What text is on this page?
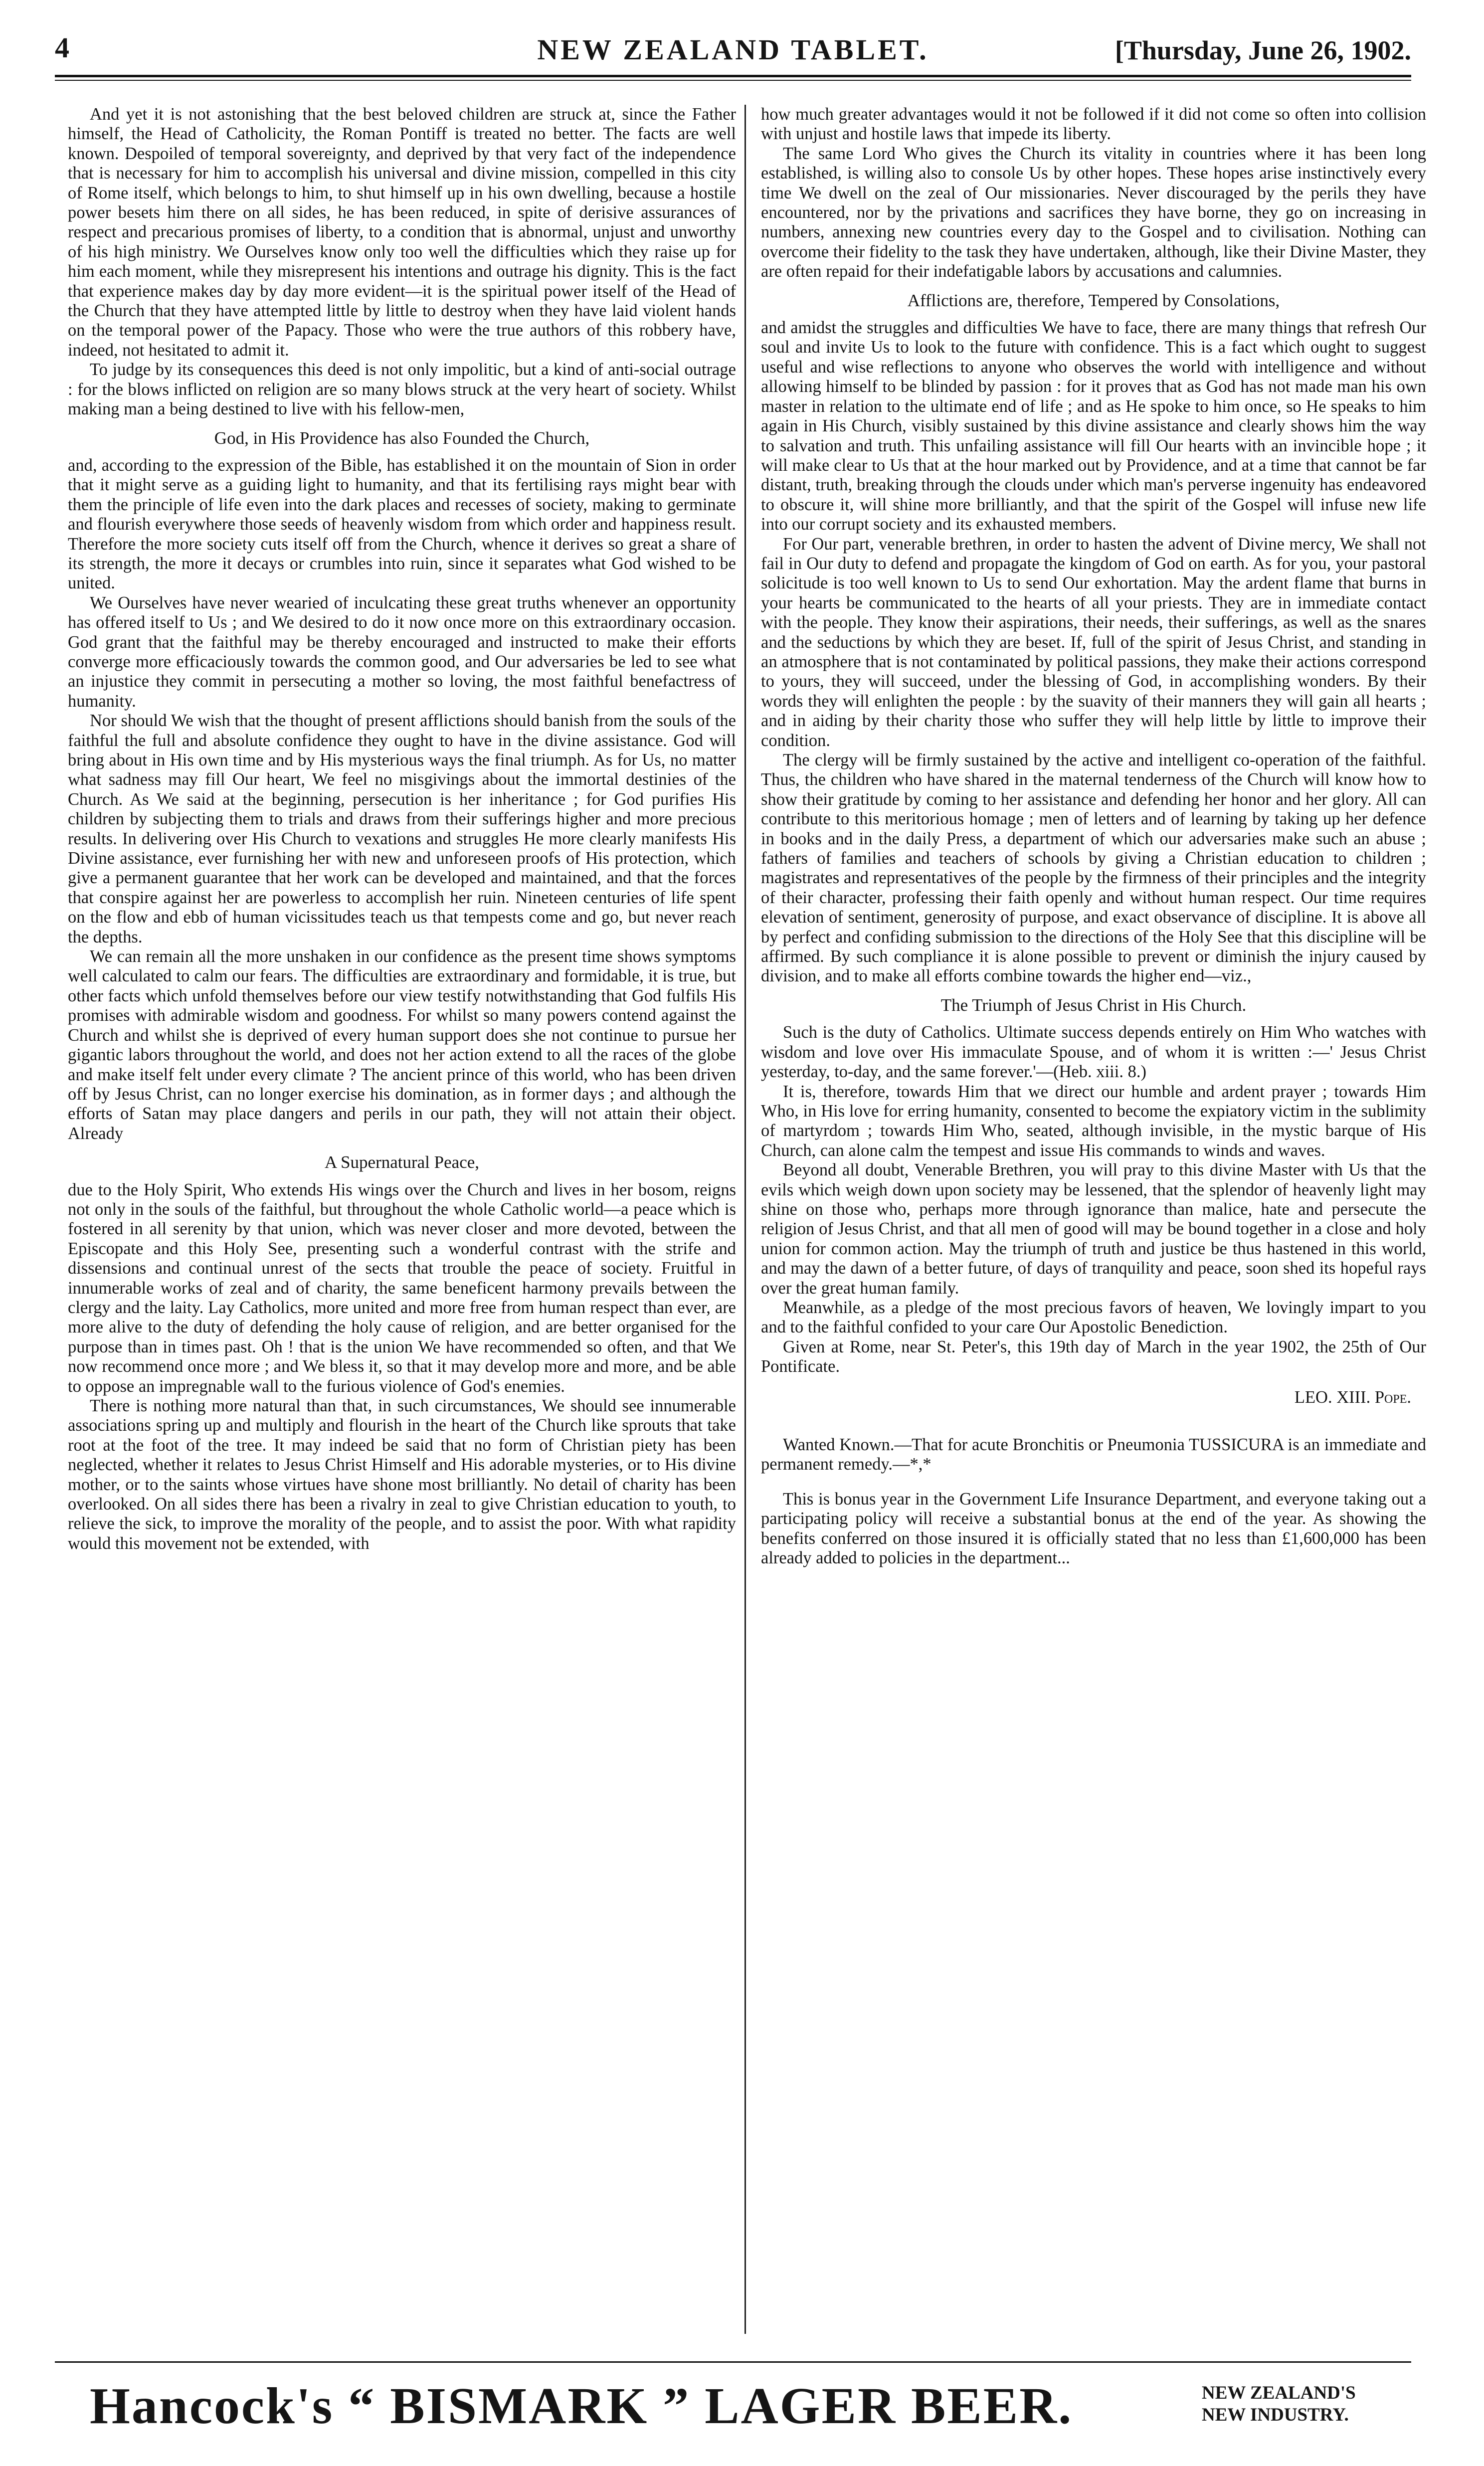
4	NEW ZEALAND TABLET.	[Thursday, June 26, 1902.

And yet it is not astonishing that the best beloved children are struck at, since the Father himself, the Head of Catholicity, the Roman Pontiff is treated no better. The facts are well known. Despoiled of temporal sovereignty, and deprived by that very fact of the independence that is necessary for him to accomplish his universal and divine mission, compelled in this city of Rome itself, which belongs to him, to shut himself up in his own dwelling, because a hostile power besets him there on all sides, he has been reduced, in spite of derisive assurances of respect and precarious promises of liberty, to a condition that is abnormal, unjust and unworthy of his high ministry. We Ourselves know only too well the difficulties which they raise up for him each moment, while they misrepresent his intentions and outrage his dignity. This is the fact that experience makes day by day more evident—it is the spiritual power itself of the Head of the Church that they have attempted little by little to destroy when they have laid violent hands on the temporal power of the Papacy. Those who were the true authors of this robbery have, indeed, not hesitated to admit it.

To judge by its consequences this deed is not only impolitic, but a kind of anti-social outrage : for the blows inflicted on religion are so many blows struck at the very heart of society. Whilst making man a being destined to live with his fellow-men,

God, in His Providence has also Founded the Church,

and, according to the expression of the Bible, has established it on the mountain of Sion in order that it might serve as a guiding light to humanity, and that its fertilising rays might bear with them the principle of life even into the dark places and recesses of society, making to germinate and flourish everywhere those seeds of heavenly wisdom from which order and happiness result. Therefore the more society cuts itself off from the Church, whence it derives so great a share of its strength, the more it decays or crumbles into ruin, since it separates what God wished to be united.

We Ourselves have never wearied of inculcating these great truths whenever an opportunity has offered itself to Us ; and We desired to do it now once more on this extraordinary occasion. God grant that the faithful may be thereby encouraged and instructed to make their efforts converge more efficaciously towards the common good, and Our adversaries be led to see what an injustice they commit in persecuting a mother so loving, the most faithful benefactress of humanity.

Nor should We wish that the thought of present afflictions should banish from the souls of the faithful the full and absolute confidence they ought to have in the divine assistance. God will bring about in His own time and by His mysterious ways the final triumph. As for Us, no matter what sadness may fill Our heart, We feel no misgivings about the immortal destinies of the Church. As We said at the beginning, persecution is her inheritance ; for God purifies His children by subjecting them to trials and draws from their sufferings higher and more precious results. In delivering over His Church to vexations and struggles He more clearly manifests His Divine assistance, ever furnishing her with new and unforeseen proofs of His protection, which give a permanent guarantee that her work can be developed and maintained, and that the forces that conspire against her are powerless to accomplish her ruin. Nineteen centuries of life spent on the flow and ebb of human vicissitudes teach us that tempests come and go, but never reach the depths.

We can remain all the more unshaken in our confidence as the present time shows symptoms well calculated to calm our fears. The difficulties are extraordinary and formidable, it is true, but other facts which unfold themselves before our view testify notwithstanding that God fulfils His promises with admirable wisdom and goodness. For whilst so many powers contend against the Church and whilst she is deprived of every human support does she not continue to pursue her gigantic labors throughout the world, and does not her action extend to all the races of the globe and make itself felt under every climate ? The ancient prince of this world, who has been driven off by Jesus Christ, can no longer exercise his domination, as in former days ; and although the efforts of Satan may place dangers and perils in our path, they will not attain their object. Already

A Supernatural Peace,

due to the Holy Spirit, Who extends His wings over the Church and lives in her bosom, reigns not only in the souls of the faithful, but throughout the whole Catholic world—a peace which is fostered in all serenity by that union, which was never closer and more devoted, between the Episcopate and this Holy See, presenting such a wonderful contrast with the strife and dissensions and continual unrest of the sects that trouble the peace of society. Fruitful in innumerable works of zeal and of charity, the same beneficent harmony prevails between the clergy and the laity. Lay Catholics, more united and more free from human respect than ever, are more alive to the duty of defending the holy cause of religion, and are better organised for the purpose than in times past. Oh ! that is the union We have recommended so often, and that We now recommend once more ; and We bless it, so that it may develop more and more, and be able to oppose an impregnable wall to the furious violence of God's enemies.

There is nothing more natural than that, in such circumstances, We should see innumerable associations spring up and multiply and flourish in the heart of the Church like sprouts that take root at the foot of the tree. It may indeed be said that no form of Christian piety has been neglected, whether it relates to Jesus Christ Himself and His adorable mysteries, or to His divine mother, or to the saints whose virtues have shone most brilliantly. No detail of charity has been overlooked. On all sides there has been a rivalry in zeal to give Christian education to youth, to relieve the sick, to improve the morality of the people, and to assist the poor. With what rapidity would this movement not be extended, with

how much greater advantages would it not be followed if it did not come so often into collision with unjust and hostile laws that impede its liberty.

The same Lord Who gives the Church its vitality in countries where it has been long established, is willing also to console Us by other hopes. These hopes arise instinctively every time We dwell on the zeal of Our missionaries. Never discouraged by the perils they have encountered, nor by the privations and sacrifices they have borne, they go on increasing in numbers, annexing new countries every day to the Gospel and to civilisation. Nothing can overcome their fidelity to the task they have undertaken, although, like their Divine Master, they are often repaid for their indefatigable labors by accusations and calumnies.

Afflictions are, therefore, Tempered by Consolations,

and amidst the struggles and difficulties We have to face, there are many things that refresh Our soul and invite Us to look to the future with confidence. This is a fact which ought to suggest useful and wise reflections to anyone who observes the world with intelligence and without allowing himself to be blinded by passion : for it proves that as God has not made man his own master in relation to the ultimate end of life ; and as He spoke to him once, so He speaks to him again in His Church, visibly sustained by this divine assistance and clearly shows him the way to salvation and truth. This unfailing assistance will fill Our hearts with an invincible hope ; it will make clear to Us that at the hour marked out by Providence, and at a time that cannot be far distant, truth, breaking through the clouds under which man's perverse ingenuity has endeavored to obscure it, will shine more brilliantly, and that the spirit of the Gospel will infuse new life into our corrupt society and its exhausted members.

For Our part, venerable brethren, in order to hasten the advent of Divine mercy, We shall not fail in Our duty to defend and propagate the kingdom of God on earth. As for you, your pastoral solicitude is too well known to Us to send Our exhortation. May the ardent flame that burns in your hearts be communicated to the hearts of all your priests. They are in immediate contact with the people. They know their aspirations, their needs, their sufferings, as well as the snares and the seductions by which they are beset. If, full of the spirit of Jesus Christ, and standing in an atmosphere that is not contaminated by political passions, they make their actions correspond to yours, they will succeed, under the blessing of God, in accomplishing wonders. By their words they will enlighten the people : by the suavity of their manners they will gain all hearts ; and in aiding by their charity those who suffer they will help little by little to improve their condition.

The clergy will be firmly sustained by the active and intelligent co-operation of the faithful. Thus, the children who have shared in the maternal tenderness of the Church will know how to show their gratitude by coming to her assistance and defending her honor and her glory. All can contribute to this meritorious homage ; men of letters and of learning by taking up her defence in books and in the daily Press, a department of which our adversaries make such an abuse ; fathers of families and teachers of schools by giving a Christian education to children ; magistrates and representatives of the people by the firmness of their principles and the integrity of their character, professing their faith openly and without human respect. Our time requires elevation of sentiment, generosity of purpose, and exact observance of discipline. It is above all by perfect and confiding submission to the directions of the Holy See that this discipline will be affirmed. By such compliance it is alone possible to prevent or diminish the injury caused by division, and to make all efforts combine towards the higher end—viz.,

The Triumph of Jesus Christ in His Church.

Such is the duty of Catholics. Ultimate success depends entirely on Him Who watches with wisdom and love over His immaculate Spouse, and of whom it is written :—' Jesus Christ yesterday, to-day, and the same forever.'—(Heb. xiii. 8.)

It is, therefore, towards Him that we direct our humble and ardent prayer ; towards Him Who, in His love for erring humanity, consented to become the expiatory victim in the sublimity of martyrdom ; towards Him Who, seated, although invisible, in the mystic barque of His Church, can alone calm the tempest and issue His commands to winds and waves.

Beyond all doubt, Venerable Brethren, you will pray to this divine Master with Us that the evils which weigh down upon society may be lessened, that the splendor of heavenly light may shine on those who, perhaps more through ignorance than malice, hate and persecute the religion of Jesus Christ, and that all men of good will may be bound together in a close and holy union for common action. May the triumph of truth and justice be thus hastened in this world, and may the dawn of a better future, of days of tranquility and peace, soon shed its hopeful rays over the great human family.

Meanwhile, as a pledge of the most precious favors of heaven, We lovingly impart to you and to the faithful confided to your care Our Apostolic Benediction.

Given at Rome, near St. Peter's, this 19th day of March in the year 1902, the 25th of Our Pontificate.

LEO. XIII. Pope.

Wanted Known.—That for acute Bronchitis or Pneumonia TUSSICURA is an immediate and permanent remedy.—*,*

This is bonus year in the Government Life Insurance Department, and everyone taking out a participating policy will receive a substantial bonus at the end of the year. As showing the benefits conferred on those insured it is officially stated that no less than £1,600,000 has been already added to policies in the department...

Hancock's “ BISMARK ” LAGER BEER.	NEW ZEALAND'S
NEW INDUSTRY.
